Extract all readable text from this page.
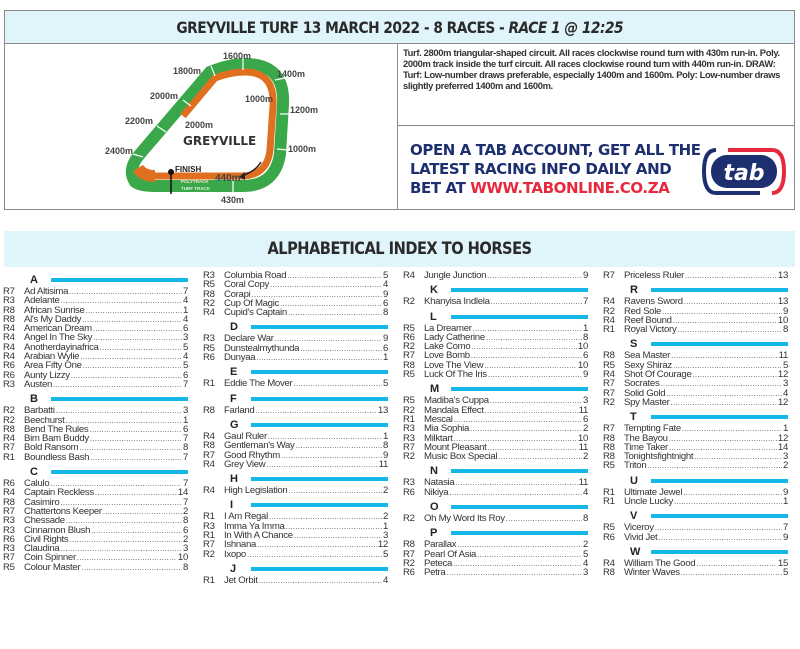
GREYVILLE TURF 13 MARCH 2022 - 8 RACES - RACE 1 @ 12:25
1600m
1800m	1400m
2000m
1200m
2200m
1000m
2400m
430m
1000m
2000m
440m
FINISH
GREYVILLE
POLYTRACK
TURF TRACK
Turf. 2800m triangular-shaped circuit. All races clockwise round turn with 430m run-in. Poly. 2000m track inside the turf circuit. All races clockwise round turn with 440m run-in. DRAW: Turf: Low-number draws preferable, especially 1400m and 1600m. Poly: Low-number draws slightly preferred 1400m and 1600m.
OPEN A TAB ACCOUNT, GET ALL THE
LATEST RACING INFO DAILY AND
BET AT WWW.TABONLINE.CO.ZA
tab
ALPHABETICAL INDEX TO HORSES
A
R7 Ad Altisima .....	7
R3 Adelante .....	4
R8 African Sunrise .....	1
R8 Al's My Daddy .....	4
R4 American Dream .....	6
R4 Angel In The Sky .....	3
R4 Anotherdayinafrica .....	5
R4 Arabian Wylie .....	4
R6 Area Fifty One .....	5
R6 Aunty Lizzy .....	6
R3 Austen .....	7
B
R2 Barbatti .....	3
R2 Beechurst .....	1
R8 Bend The Rules .....	6
R4 Bim Bam Buddy .....	7
R7 Bold Ransom .....	8
R1 Boundless Bash .....	7
C
R6 Calulo .....	7
R4 Captain Reckless .....	14
R8 Casimiro .....	7
R7 Chattertons Keeper .....	2
R3 Chessade .....	8
R3 Cinnamon Blush .....	6
R6 Civil Rights .....	2
R3 Claudina .....	3
R7 Coin Spinner .....	10
R5 Colour Master .....	8
R3 Columbia Road .....	5
R5 Coral Copy .....	4
R8 Corapi .....	9
R2 Cup Of Magic .....	6
R4 Cupid's Captain .....	8
D
R3 Declare War .....	9
R5 Dunstealmythunda .....	6
R6 Dunyaa .....	1
E
R1 Eddie The Mover .....	5
F
R8 Farland .....	13
G
R4 Gaul Ruler .....	1
R8 Gentleman's Way .....	8
R7 Good Rhythm .....	9
R4 Grey View .....	11
H
R4 High Legislation .....	2
I
R1 I Am Regal .....	2
R3 Imma Ya Imma .....	1
R1 In With A Chance .....	3
R7 Ishnana .....	12
R2 Ixopo .....	5
J
R1 Jet Orbit .....	4
R4 Jungle Junction .....	9
K
R2 Khanyisa Indlela .....	7
L
R5 La Dreamer .....	1
R6 Lady Catherine .....	8
R2 Lake Como .....	10
R7 Love Bomb .....	6
R8 Love The View .....	10
R5 Luck Of The Iris .....	9
M
R5 Madiba's Cuppa .....	3
R2 Mandala Effect .....	11
R1 Mescal .....	6
R3 Mia Sophia .....	2
R3 Milktart .....	10
R7 Mount Pleasant .....	11
R2 Music Box Special .....	2
N
R3 Natasia .....	11
R6 Nikiya .....	4
O
R2 Oh My Word Its Roy .....	8
P
R8 Parallax .....	2
R7 Pearl Of Asia .....	5
R2 Peteca .....	4
R6 Petra .....	3
R7 Priceless Ruler .....	13
R
R4 Ravens Sword .....	13
R2 Red Sole .....	9
R4 Reef Bound .....	10
R1 Royal Victory .....	8
S
R8 Sea Master .....	11
R5 Sexy Shiraz .....	5
R4 Shot Of Courage .....	12
R7 Socrates .....	3
R7 Solid Gold .....	4
R2 Spy Master .....	12
T
R7 Tempting Fate .....	1
R8 The Bayou .....	12
R8 Time Taker .....	14
R8 Tonightsfightnight .....	3
R5 Triton .....	2
U
R1 Ultimate Jewel .....	9
R1 Uncle Lucky .....	1
V
R5 Viceroy .....	7
R6 Vivid Jet .....	9
W
R4 William The Good .....	15
R8 Winter Waves .....	5
